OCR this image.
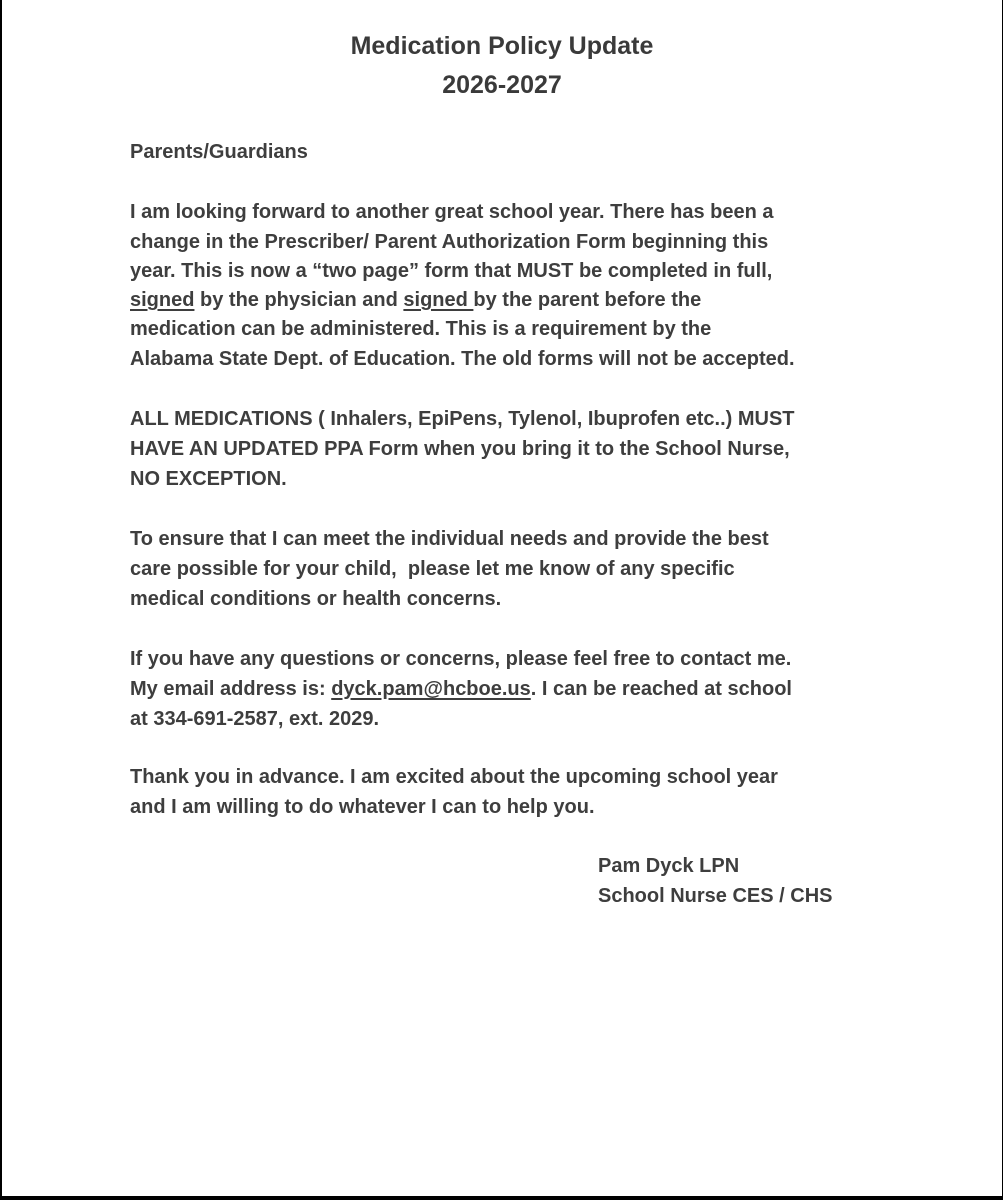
Medication Policy Update
2026-2027
Parents/Guardians
I am looking forward to another great school year. There has been a
change in the Prescriber/ Parent Authorization Form beginning this
year. This is now a “two page” form that MUST be completed in full,
signed by the physician and signed by the parent before the
medication can be administered. This is a requirement by the
Alabama State Dept. of Education. The old forms will not be accepted.
ALL MEDICATIONS ( Inhalers, EpiPens, Tylenol, Ibuprofen etc..) MUST
HAVE AN UPDATED PPA Form when you bring it to the School Nurse,
NO EXCEPTION.
To ensure that I can meet the individual needs and provide the best
care possible for your child,  please let me know of any specific
medical conditions or health concerns.
If you have any questions or concerns, please feel free to contact me.
My email address is: dyck.pam@hcboe.us. I can be reached at school
at 334-691-2587, ext. 2029.
Thank you in advance. I am excited about the upcoming school year
and I am willing to do whatever I can to help you.
Pam Dyck LPN
School Nurse CES / CHS
